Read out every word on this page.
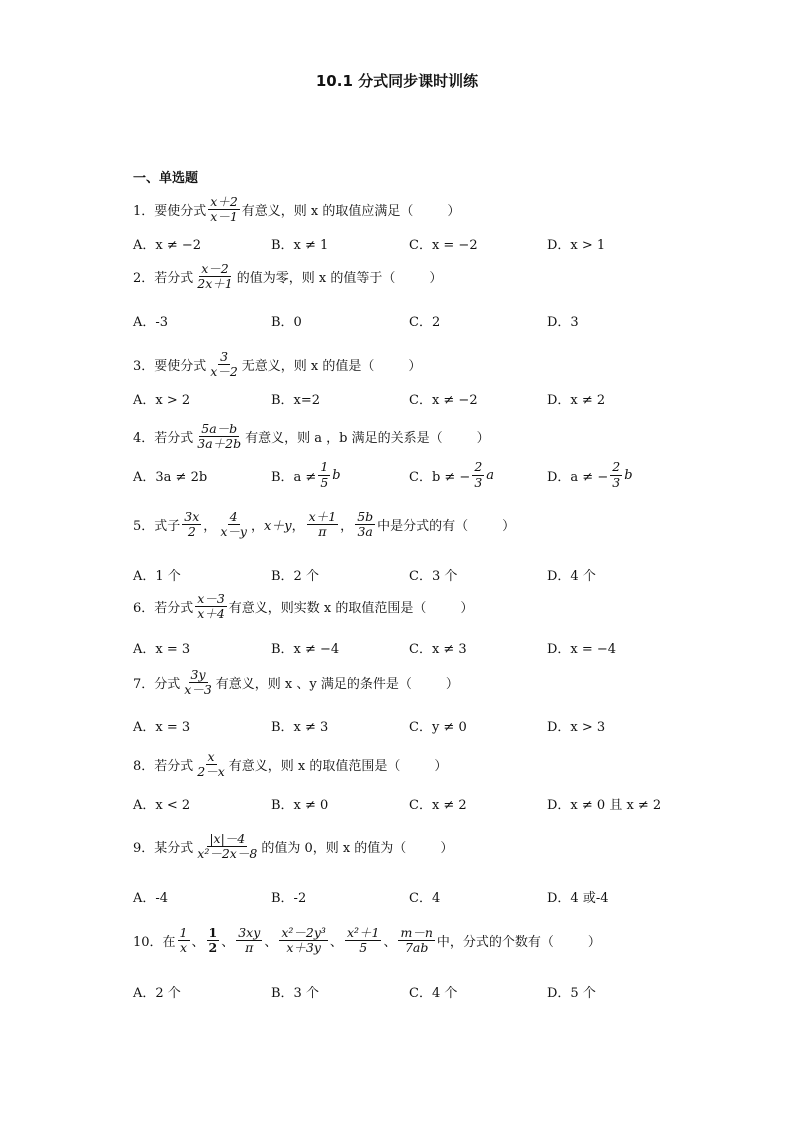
10.1 分式同步课时训练
一、单选题
1．要使分式 $\frac{x+2}{x-1}$ 有意义，则 x 的取值应满足（	）
A．x ≠ −2	B．x ≠ 1	C．x = −2	D．x > 1
2．若分式 $\frac{x-2}{2x+1}$ 的值为零，则 x 的值等于（	）
A．-3	B．0	C．2	D．3
3．要使分式 $\frac{3}{x-2}$ 无意义，则 x 的值是（	）
A．x > 2	B．x=2	C．x ≠ −2	D．x ≠ 2
4．若分式 $\frac{5a-b}{3a+2b}$ 有意义，则 a ，b 满足的关系是（	）
A．3a ≠ 2b	B．$a \ne \frac{1}{5}$ b	C．b ≠ − $\frac{2}{3}$ a	D．a ≠ − $\frac{2}{3}$ b
5．式子 $\frac{3x}{2}$ ， $\frac{4}{x-y}$ ， x＋y ， $\frac{x+1}{\pi}$ ， $\frac{5b}{3a}$ 中是分式的有（	）
A．1 个	B．2 个	C．3 个	D．4 个
6．若分式 $\frac{x-3}{x+4}$ 有意义，则实数 x 的取值范围是（	）
A．x = 3	B．x ≠ −4	C．x ≠ 3	D．x = −4
7．分式 $\frac{3y}{x-3}$ 有意义，则 x 、y 满足的条件是（	）
A．x = 3	B．x ≠ 3	C．y ≠ 0	D．x > 3
8．若分式 $\frac{x}{2-x}$ 有意义，则 x 的取值范围是（	）
A．x < 2	B．x ≠ 0	C．x ≠ 2	D．x ≠ 0 且 x ≠ 2
9．某分式 $\frac{|x|-4}{\text{x²－2x－8}}$ 的值为 0，则 x 的值为（	）
A．-4	B．-2	C．4	D．4 或-4
10．在 $\frac{1}{x}$ 、 $\frac{1}{2}$ 、 $\frac{3xy}{\pi}$ 、 $\frac{\text{x²－2y³}}{x+3y}$ 、 $\frac{\text{x²＋1}}{5}$ 、 $\frac{m-n}{7ab}$ 中，分式的个数有（	）
A．2 个	B．3 个	C．4 个	D．5 个
